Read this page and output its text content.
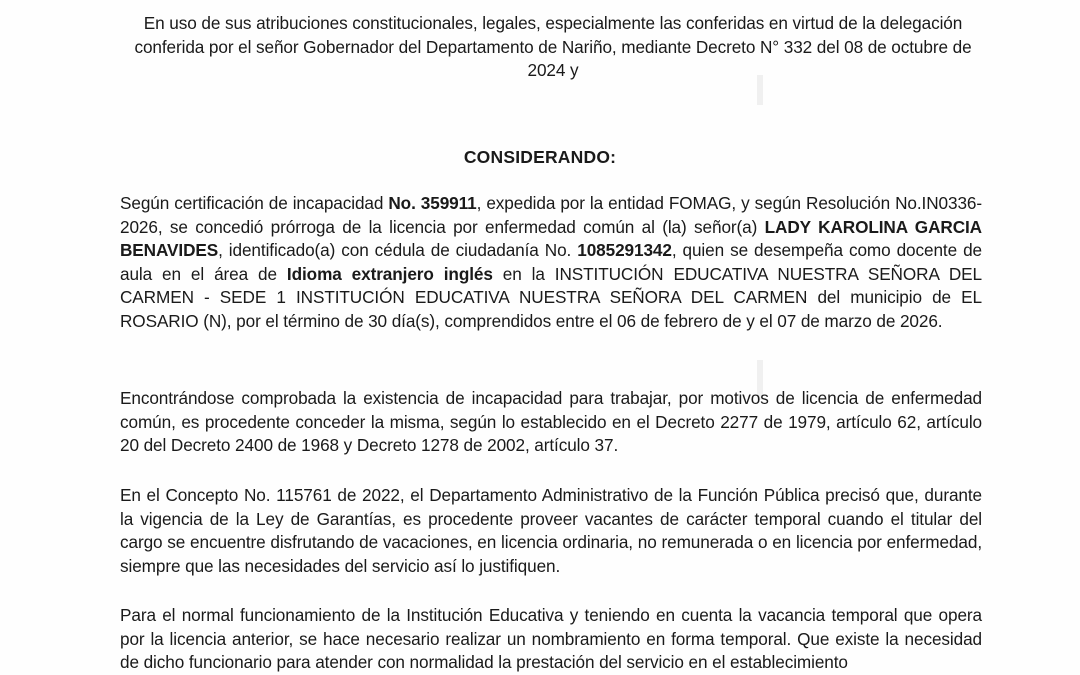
En uso de sus atribuciones constitucionales, legales, especialmente las conferidas en virtud de la delegación conferida por el señor Gobernador del Departamento de Nariño, mediante Decreto N° 332 del 08 de octubre de 2024 y
CONSIDERANDO:
Según certificación de incapacidad No. 359911, expedida por la entidad FOMAG, y según Resolución No.IN0336-2026, se concedió prórroga de la licencia por enfermedad común al (la) señor(a) LADY KAROLINA GARCIA BENAVIDES, identificado(a) con cédula de ciudadanía No. 1085291342, quien se desempeña como docente de aula en el área de Idioma extranjero inglés en la INSTITUCIÓN EDUCATIVA NUESTRA SEÑORA DEL CARMEN - SEDE 1 INSTITUCIÓN EDUCATIVA NUESTRA SEÑORA DEL CARMEN del municipio de EL ROSARIO (N), por el término de 30 día(s), comprendidos entre el 06 de febrero de y el 07 de marzo de 2026.
Encontrándose comprobada la existencia de incapacidad para trabajar, por motivos de licencia de enfermedad común, es procedente conceder la misma, según lo establecido en el Decreto 2277 de 1979, artículo 62, artículo 20 del Decreto 2400 de 1968 y Decreto 1278 de 2002, artículo 37.
En el Concepto No. 115761 de 2022, el Departamento Administrativo de la Función Pública precisó que, durante la vigencia de la Ley de Garantías, es procedente proveer vacantes de carácter temporal cuando el titular del cargo se encuentre disfrutando de vacaciones, en licencia ordinaria, no remunerada o en licencia por enfermedad, siempre que las necesidades del servicio así lo justifiquen.
Para el normal funcionamiento de la Institución Educativa y teniendo en cuenta la vacancia temporal que opera por la licencia anterior, se hace necesario realizar un nombramiento en forma temporal. Que existe la necesidad de dicho funcionario para atender con normalidad la prestación del servicio en el establecimiento
